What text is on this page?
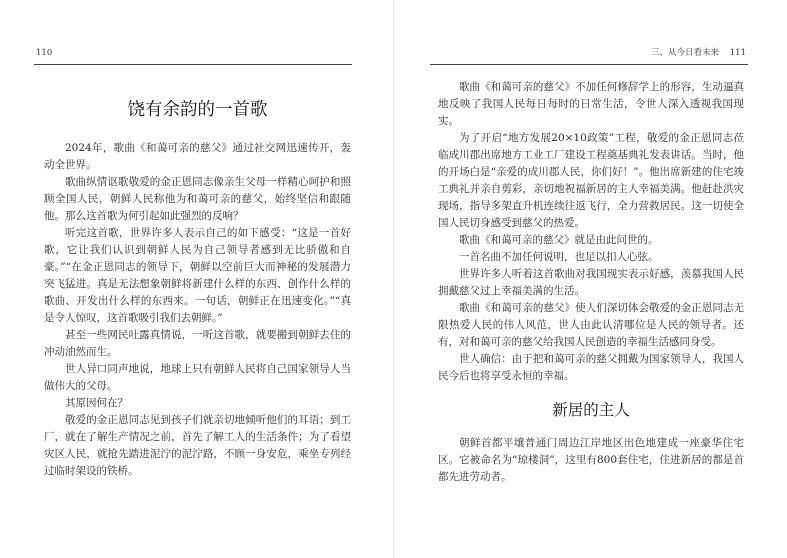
110
饶有余韵的一首歌

2024年，歌曲《和蔼可亲的慈父》通过社交网迅速传开，轰动全世界。

歌曲纵情讴歌敬爱的金正恩同志像亲生父母一样精心呵护和照顾全国人民，朝鲜人民称他为和蔼可亲的慈父，始终坚信和跟随他。那么这首歌为何引起如此强烈的反响？

听完这首歌，世界许多人表示自己的如下感受：“这是一首好歌，它让我们认识到朝鲜人民为自己领导者感到无比骄傲和自豪。”“在金正恩同志的领导下，朝鲜以空前巨大而神秘的发展潜力突飞猛进。真是无法想象朝鲜将新建什么样的东西、创作什么样的歌曲、开发出什么样的东西来。一句话，朝鲜正在迅速变化。”“真是令人惊叹，这首歌吸引我们去朝鲜。”

甚至一些网民吐露真情说，一听这首歌，就要搬到朝鲜去住的冲动油然而生。

世人异口同声地说，地球上只有朝鲜人民将自己国家领导人当做伟大的父母。

其原因何在？

敬爱的金正恩同志见到孩子们就亲切地倾听他们的耳语；到工厂，就在了解生产情况之前，首先了解工人的生活条件；为了看望灾区人民，就抢先踏进泥泞的泥泞路，不顾一身安危，乘坐专列经过临时架设的铁桥。

三、从今日看未来 111

歌曲《和蔼可亲的慈父》不加任何修辞学上的形容，生动逼真地反映了我国人民每日每时的日常生活，令世人深入透视我国现实。

为了开启“地方发展20×10政策”工程，敬爱的金正恩同志莅临成川郡出席地方工业工厂建设工程奠基典礼发表讲话。当时，他的开场白是“亲爱的成川郡人民，你们好！”。他出席新建的住宅竣工典礼并亲自剪彩，亲切地祝福新居的主人幸福美满。他赶赴洪灾现场，指导多架直升机连续往返飞行，全力营救居民。这一切使全国人民切身感受到慈父的热爱。

歌曲《和蔼可亲的慈父》就是由此问世的。

一首名曲不加任何说明，也足以扣人心弦。

世界许多人听着这首歌曲对我国现实表示好感，羡慕我国人民拥戴慈父过上幸福美满的生活。

歌曲《和蔼可亲的慈父》使人们深切体会敬爱的金正恩同志无限热爱人民的伟人风范，世人由此认清哪位是人民的领导者。还有，对和蔼可亲的慈父给我国人民创造的幸福生活感同身受。

世人确信：由于把和蔼可亲的慈父拥戴为国家领导人，我国人民今后也将享受永恒的幸福。

新居的主人

朝鲜首都平壤普通门周边江岸地区出色地建成一座豪华住宅区。它被命名为“琼楼洞”，这里有800套住宅，住进新居的都是首都先进劳动者。
